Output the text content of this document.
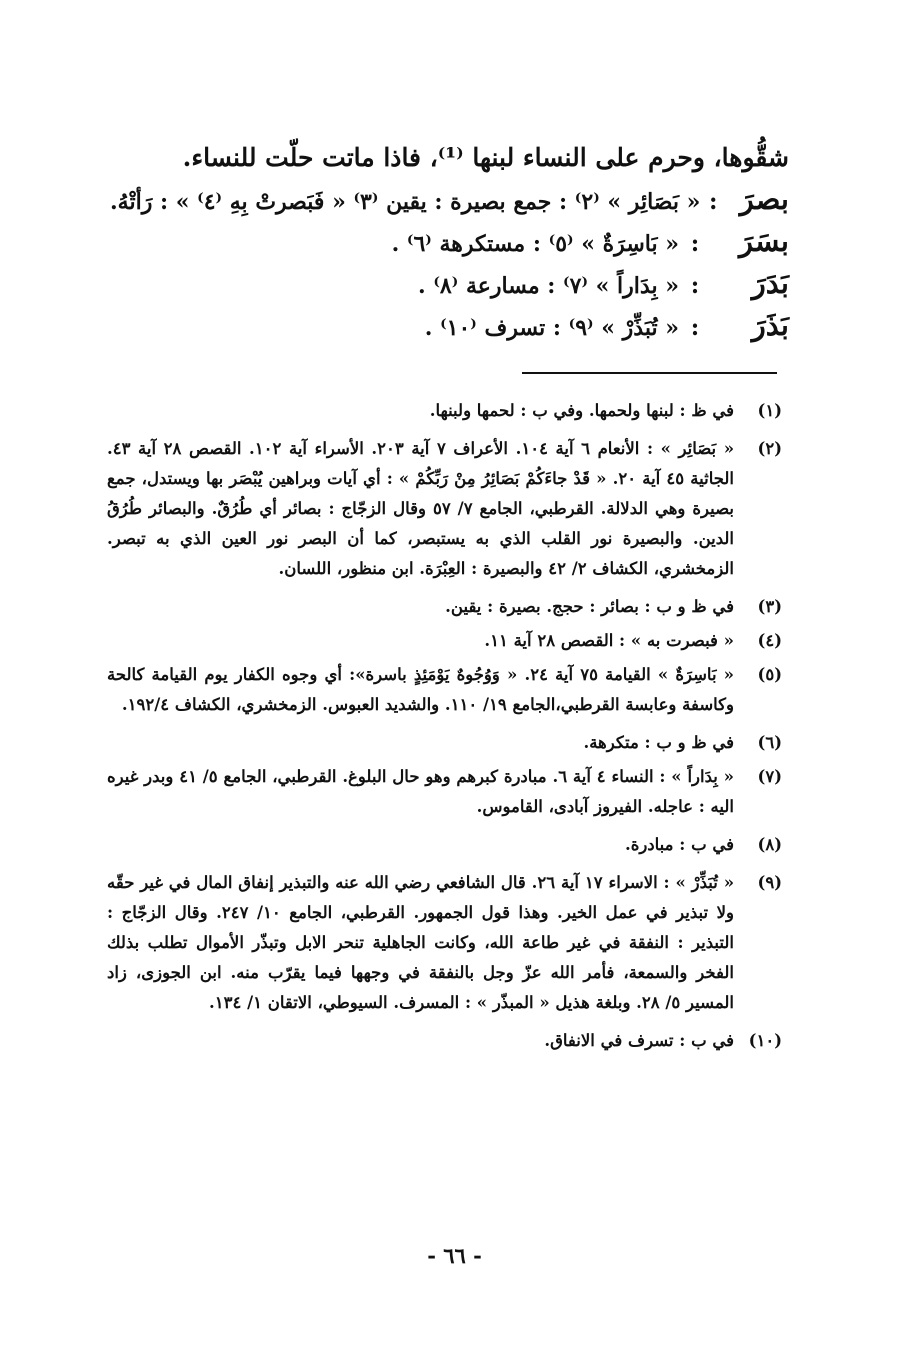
شقُّوها، وحرم على النساء لبنها ⁽¹⁾، فاذا ماتت حلّت للنساء.

بصرَ
:
« بَصَائِر » ⁽٢⁾ : جمع بصيرة : يقين ⁽٣⁾ « فَبَصرتْ بِهِ ⁽٤⁾ » : رَأتْهُ.
بسَرَ
:
« بَاسِرَةٌ » ⁽٥⁾ : مستكرهة ⁽٦⁾ .
بَدَرَ
:
« بِدَاراً » ⁽٧⁾ : مسارعة ⁽٨⁾ .
بَذَرَ
:
« تُبَذِّرْ » ⁽٩⁾ : تسرف ⁽١٠⁾ .
(١)
في ظ : لبنها ولحمها. وفي ب : لحمها ولبنها.
(٢)
« بَصَائِر » : الأنعام ٦ آية ١٠٤. الأعراف ٧ آية ٢٠٣. الأسراء آية ١٠٢. القصص ٢٨ آية ٤٣. الجاثية ٤٥ آية ٢٠. « قَدْ جاءَكُمْ بَصَائِرُ مِنْ رَبِّكُمْ » : أي آيات وبراهين يُبْصَر بها ويستدل، جمع بصيرة وهي الدلالة. القرطبي، الجامع ٧/ ٥٧ وقال الزجّاج : بصائر أي طُرُقٌ. والبصائر طُرُقُ الدين. والبصيرة نور القلب الذي به يستبصر، كما أن البصر نور العين الذي به تبصر. الزمخشري، الكشاف ٢/ ٤٢ والبصيرة : العِبْرَة. ابن منظور، اللسان.
(٣)
في ظ و ب : بصائر : حجج. بصيرة : يقين.
(٤)
« فبصرت به » : القصص ٢٨ آية ١١.
(٥)
« بَاسِرَةٌ » القيامة ٧٥ آية ٢٤. « وَوُجُوهٌ يَوْمَئِذٍ باسرة»: أي وجوه الكفار يوم القيامة كالحة وكاسفة وعابسة القرطبي،الجامع ١٩/ ١١٠. والشديد العبوس. الزمخشري، الكشاف ١٩٢/٤.
(٦)
في ظ و ب : متكرهة.
(٧)
« بِدَاراً » : النساء ٤ آية ٦. مبادرة كبرهم وهو حال البلوغ. القرطبي، الجامع ٥/ ٤١ وبدر غيره اليه : عاجله. الفيروز آبادى، القاموس.
(٨)
في ب : مبادرة.
(٩)
« تُبَذِّرْ » : الاسراء ١٧ آية ٢٦. قال الشافعي رضي الله عنه والتبذير إنفاق المال في غير حقّه ولا تبذير في عمل الخير. وهذا قول الجمهور. القرطبي، الجامع ١٠/ ٢٤٧. وقال الزجّاج : التبذير : النفقة في غير طاعة الله، وكانت الجاهلية تنحر الابل وتبذّر الأموال تطلب بذلك الفخر والسمعة، فأمر الله عزّ وجل بالنفقة في وجهها فيما يقرّب منه. ابن الجوزى، زاد المسير ٥/ ٢٨. وبلغة هذيل « المبذّر » : المسرف. السيوطي، الاتقان ١/ ١٣٤.
(١٠)
في ب : تسرف في الانفاق.
- ٦٦ -
